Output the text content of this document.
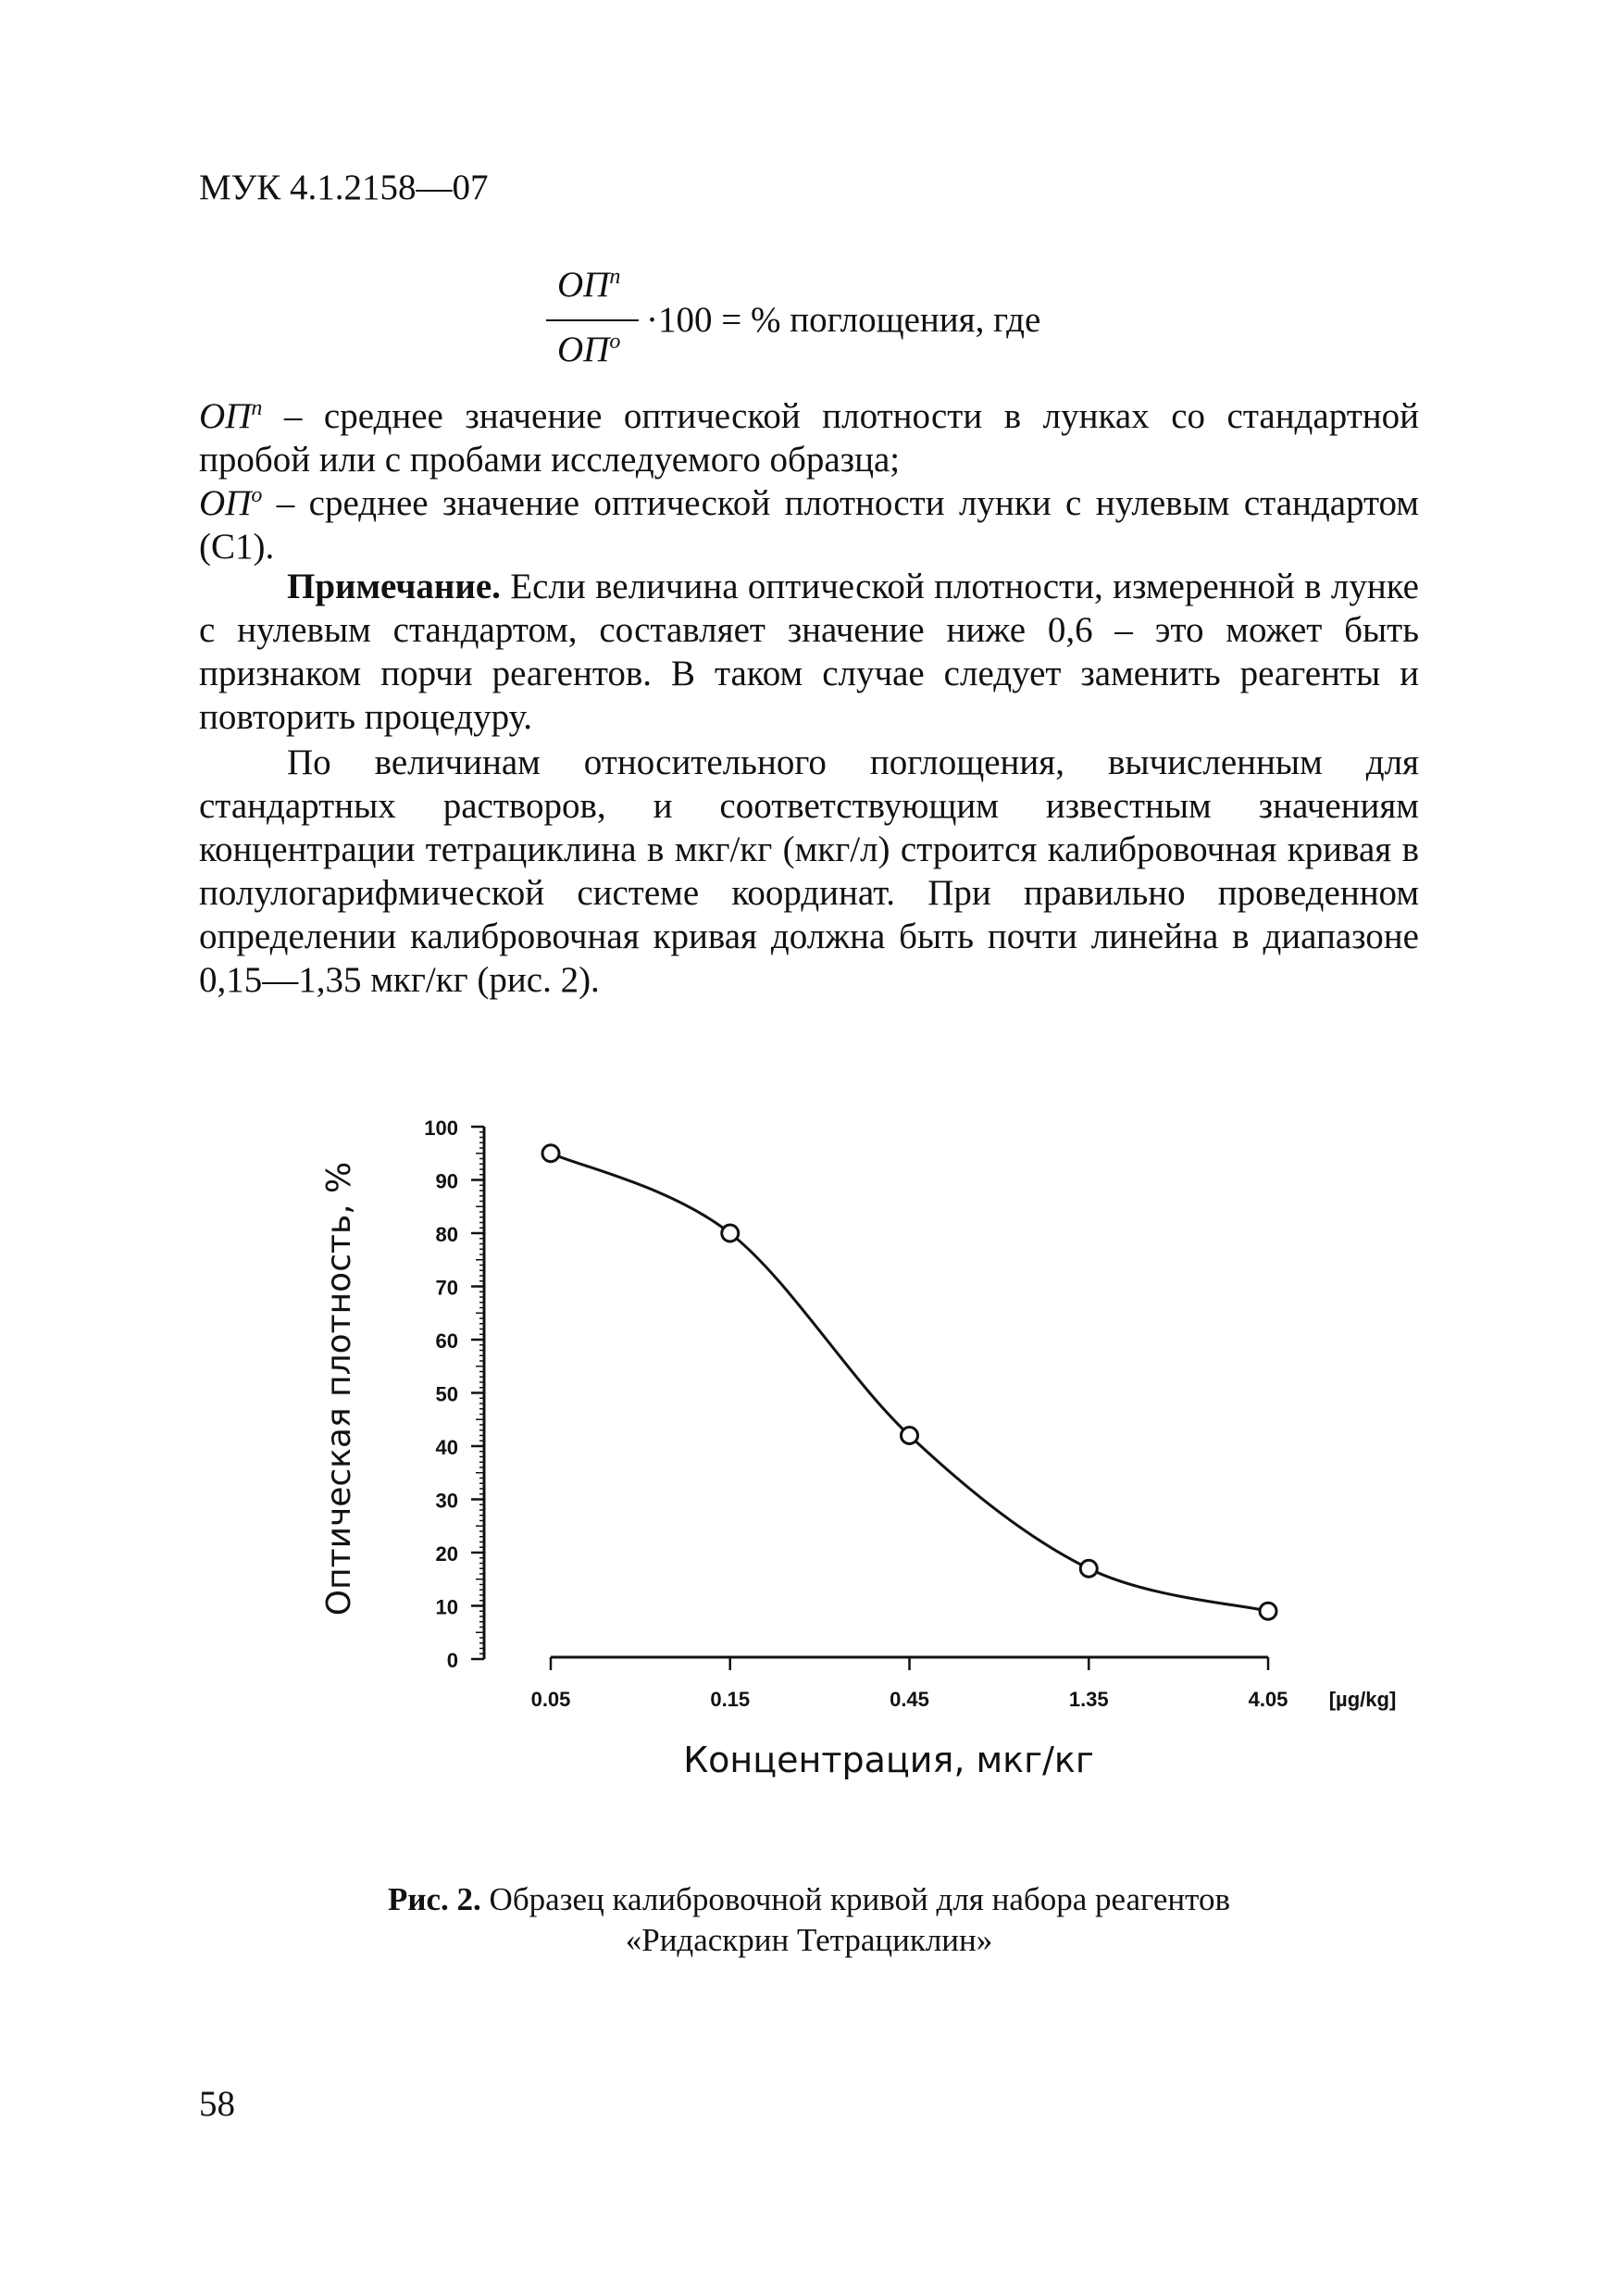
МУК 4.1.2158—07
$ОП^n$
$ОП^o$
·100 = % поглощения, где
$ОП^n$ – среднее значение оптической плотности в лунках со стандартной пробой или с пробами исследуемого образца;
$ОП^o$ – среднее значение оптической плотности лунки с нулевым стандартом (С1).
Примечание. Если величина оптической плотности, измеренной в лунке с нулевым стандартом, составляет значение ниже 0,6 – это может быть признаком порчи реагентов. В таком случае следует заменить реагенты и повторить процедуру.
По величинам относительного поглощения, вычисленным для стандартных растворов, и соответствующим известным значениям концентрации тетрациклина в мкг/кг (мкг/л) строится калибровочная кривая в полулогарифмической системе координат. При правильно проведенном определении калибровочная кривая должна быть почти линейна в диапазоне 0,15—1,35 мкг/кг (рис. 2).
0
10
20
30
40
50
60
70
80
90
100
Оптическая плотность, %
0.05	0.15	0.45	1.35	4.05 [µg/kg]
Концентрация, мкг/кг
Рис. 2. Образец калибровочной кривой для набора реагентов
«Ридаскрин Тетрациклин»
58
